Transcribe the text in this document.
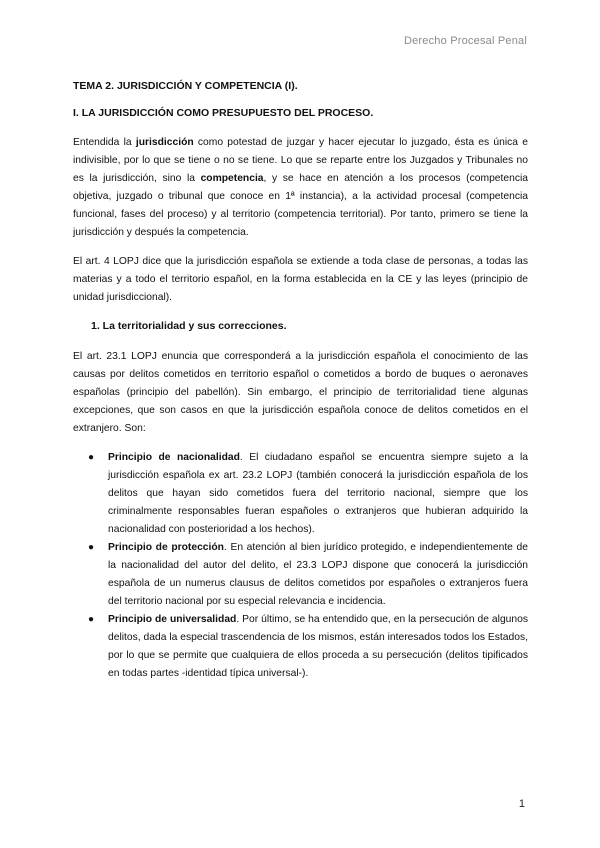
Derecho Procesal Penal
TEMA 2. JURISDICCIÓN Y COMPETENCIA (I).
I. LA JURISDICCIÓN COMO PRESUPUESTO DEL PROCESO.

Entendida la jurisdicción como potestad de juzgar y hacer ejecutar lo juzgado, ésta es única e indivisible, por lo que se tiene o no se tiene. Lo que se reparte entre los Juzgados y Tribunales no es la jurisdicción, sino la competencia, y se hace en atención a los procesos (competencia objetiva, juzgado o tribunal que conoce en 1ª instancia), a la actividad procesal (competencia funcional, fases del proceso) y al territorio (competencia territorial). Por tanto, primero se tiene la jurisdicción y después la competencia.

El art. 4 LOPJ dice que la jurisdicción española se extiende a toda clase de personas, a todas las materias y a todo el territorio español, en la forma establecida en la CE y las leyes (principio de unidad jurisdiccional).

1. La territorialidad y sus correcciones.

El art. 23.1 LOPJ enuncia que corresponderá a la jurisdicción española el conocimiento de las causas por delitos cometidos en territorio español o cometidos a bordo de buques o aeronaves españolas (principio del pabellón). Sin embargo, el principio de territorialidad tiene algunas excepciones, que son casos en que la jurisdicción española conoce de delitos cometidos en el extranjero. Son:

● Principio de nacionalidad. El ciudadano español se encuentra siempre sujeto a la jurisdicción española ex art. 23.2 LOPJ (también conocerá la jurisdicción española de los delitos que hayan sido cometidos fuera del territorio nacional, siempre que los criminalmente responsables fueran españoles o extranjeros que hubieran adquirido la nacionalidad con posterioridad a los hechos).
● Principio de protección. En atención al bien jurídico protegido, e independientemente de la nacionalidad del autor del delito, el 23.3 LOPJ dispone que conocerá la jurisdicción española de un numerus clausus de delitos cometidos por españoles o extranjeros fuera del territorio nacional por su especial relevancia e incidencia.
● Principio de universalidad. Por último, se ha entendido que, en la persecución de algunos delitos, dada la especial trascendencia de los mismos, están interesados todos los Estados, por lo que se permite que cualquiera de ellos proceda a su persecución (delitos tipificados en todas partes -identidad típica universal-).
1
